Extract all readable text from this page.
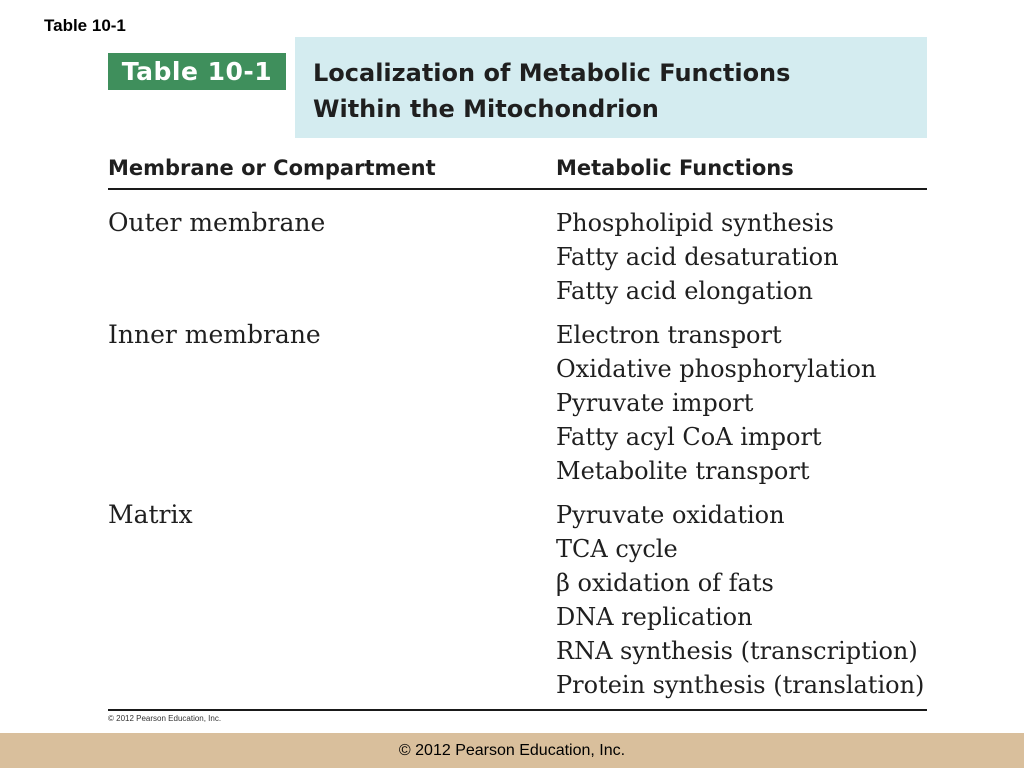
Table 10-1
Table 10-1	Localization of Metabolic Functions
Within the Mitochondrion
Membrane or Compartment	Metabolic Functions
Outer membrane	Phospholipid synthesis
Fatty acid desaturation
Fatty acid elongation
Inner membrane	Electron transport
Oxidative phosphorylation
Pyruvate import
Fatty acyl CoA import
Metabolite transport
Matrix	Pyruvate oxidation
TCA cycle
β oxidation of fats
DNA replication
RNA synthesis (transcription)
Protein synthesis (translation)
© 2012 Pearson Education, Inc.
© 2012 Pearson Education, Inc.
